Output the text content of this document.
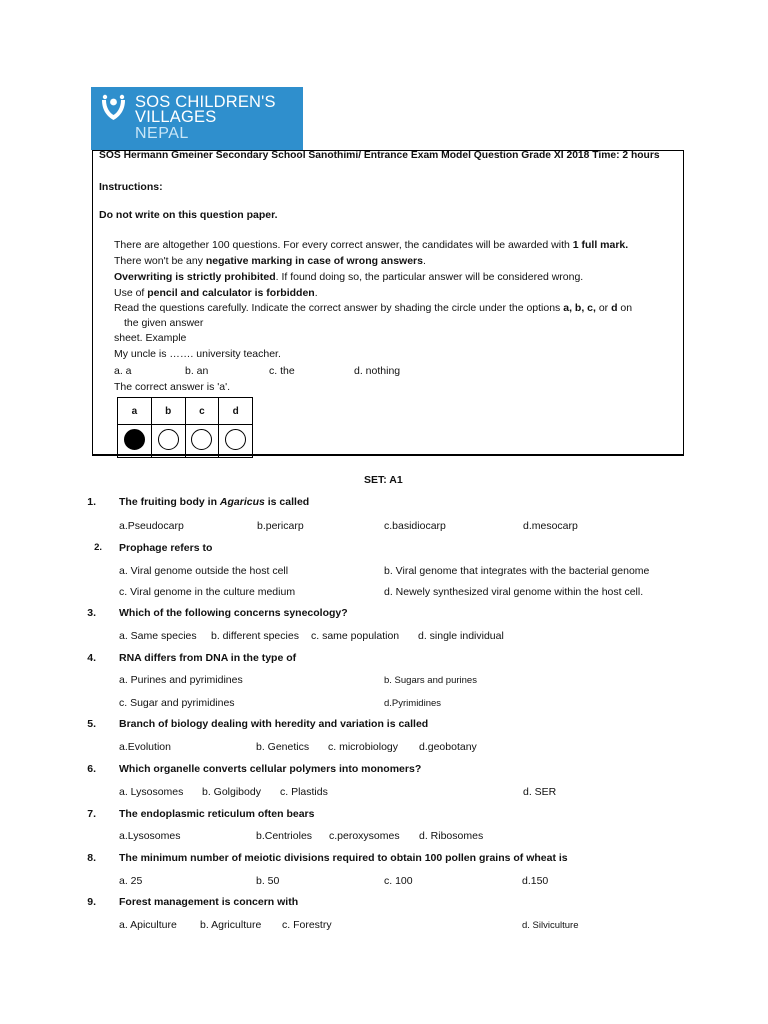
SOS CHILDREN'S
VILLAGES
NEPAL
SOS Hermann Gmeiner Secondary School Sanothimi/ Entrance Exam Model Question Grade XI 2018 Time: 2 hours
Instructions:
Do not write on this question paper.
There are altogether 100 questions. For every correct answer, the candidates will be awarded with 1 full mark.
There won't be any negative marking in case of wrong answers.
Overwriting is strictly prohibited. If found doing so, the particular answer will be considered wrong.
Use of pencil and calculator is forbidden.
Read the questions carefully. Indicate the correct answer by shading the circle under the options a, b, c, or d on
the given answer
sheet. Example
My uncle is ……. university teacher.
a. a	b. an	c. the	d. nothing
The correct answer is 'a'.
a	b	c	d

SET: A1
1. The fruiting body in Agaricus is called
a.Pseudocarp	b.pericarp	c.basidiocarp	d.mesocarp
2. Prophage refers to
a. Viral genome outside the host cell	b. Viral genome that integrates with the bacterial genome
c. Viral genome in the culture medium	d. Newely synthesized viral genome within the host cell.
3. Which of the following concerns synecology?
a. Same species b. different species c. same population d. single individual
4. RNA differs from DNA in the type of
a. Purines and pyrimidines	b. Sugars and purines
c. Sugar and pyrimidines	d.Pyrimidines
5. Branch of biology dealing with heredity and variation is called
a.Evolution	b. Genetics c. microbiology d.geobotany
6. Which organelle converts cellular polymers into monomers?
a. Lysosomes b. Golgibody c. Plastids	d. SER
7. The endoplasmic reticulum often bears
a.Lysosomes	b.Centrioles c.peroxysomes d. Ribosomes
8. The minimum number of meiotic divisions required to obtain 100 pollen grains of wheat is
a. 25	b. 50	c. 100	d.150
9. Forest management is concern with
a. Apiculture b. Agriculture c. Forestry	d. Silviculture
